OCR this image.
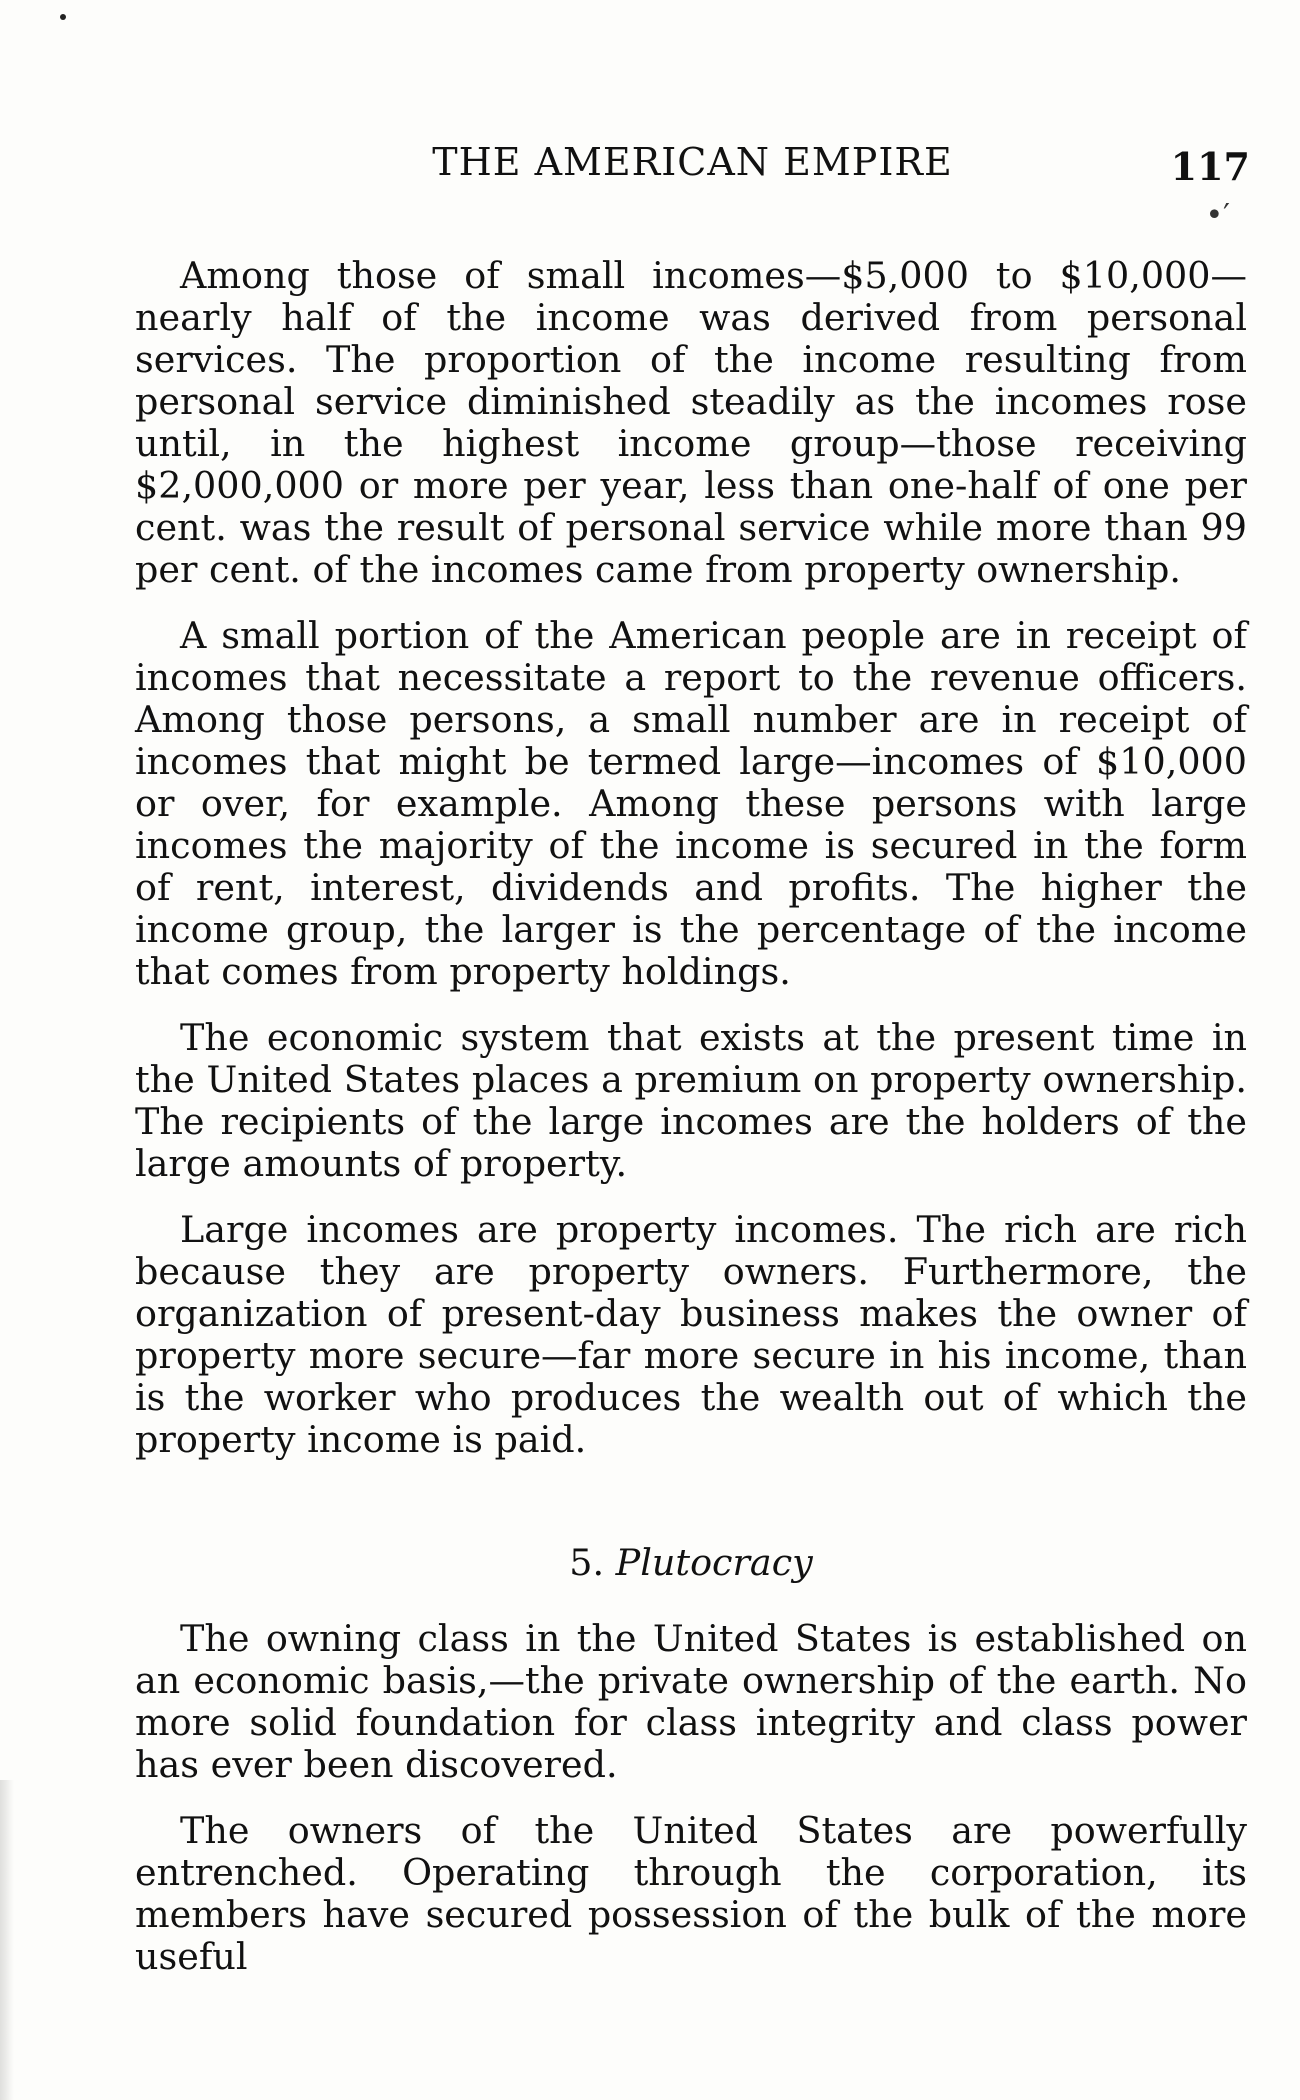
THE AMERICAN EMPIRE	117
•′

Among those of small incomes—$5,000 to $10,000—nearly half of the income was derived from personal services. The proportion of the income resulting from personal service diminished steadily as the incomes rose until, in the highest income group—those receiving $2,000,000 or more per year, less than one-half of one per cent. was the result of personal service while more than 99 per cent. of the incomes came from property ownership.

A small portion of the American people are in receipt of incomes that necessitate a report to the revenue officers. Among those persons, a small number are in receipt of incomes that might be termed large—incomes of $10,000 or over, for example. Among these persons with large incomes the majority of the income is secured in the form of rent, interest, dividends and profits. The higher the income group, the larger is the percentage of the income that comes from property holdings.

The economic system that exists at the present time in the United States places a premium on property ownership. The recipients of the large incomes are the holders of the large amounts of property.

Large incomes are property incomes. The rich are rich because they are property owners. Furthermore, the organization of present-day business makes the owner of property more secure—far more secure in his income, than is the worker who produces the wealth out of which the property income is paid.

5. Plutocracy

The owning class in the United States is established on an economic basis,—the private ownership of the earth. No more solid foundation for class integrity and class power has ever been discovered.

The owners of the United States are powerfully entrenched. Operating through the corporation, its members have secured possession of the bulk of the more useful
